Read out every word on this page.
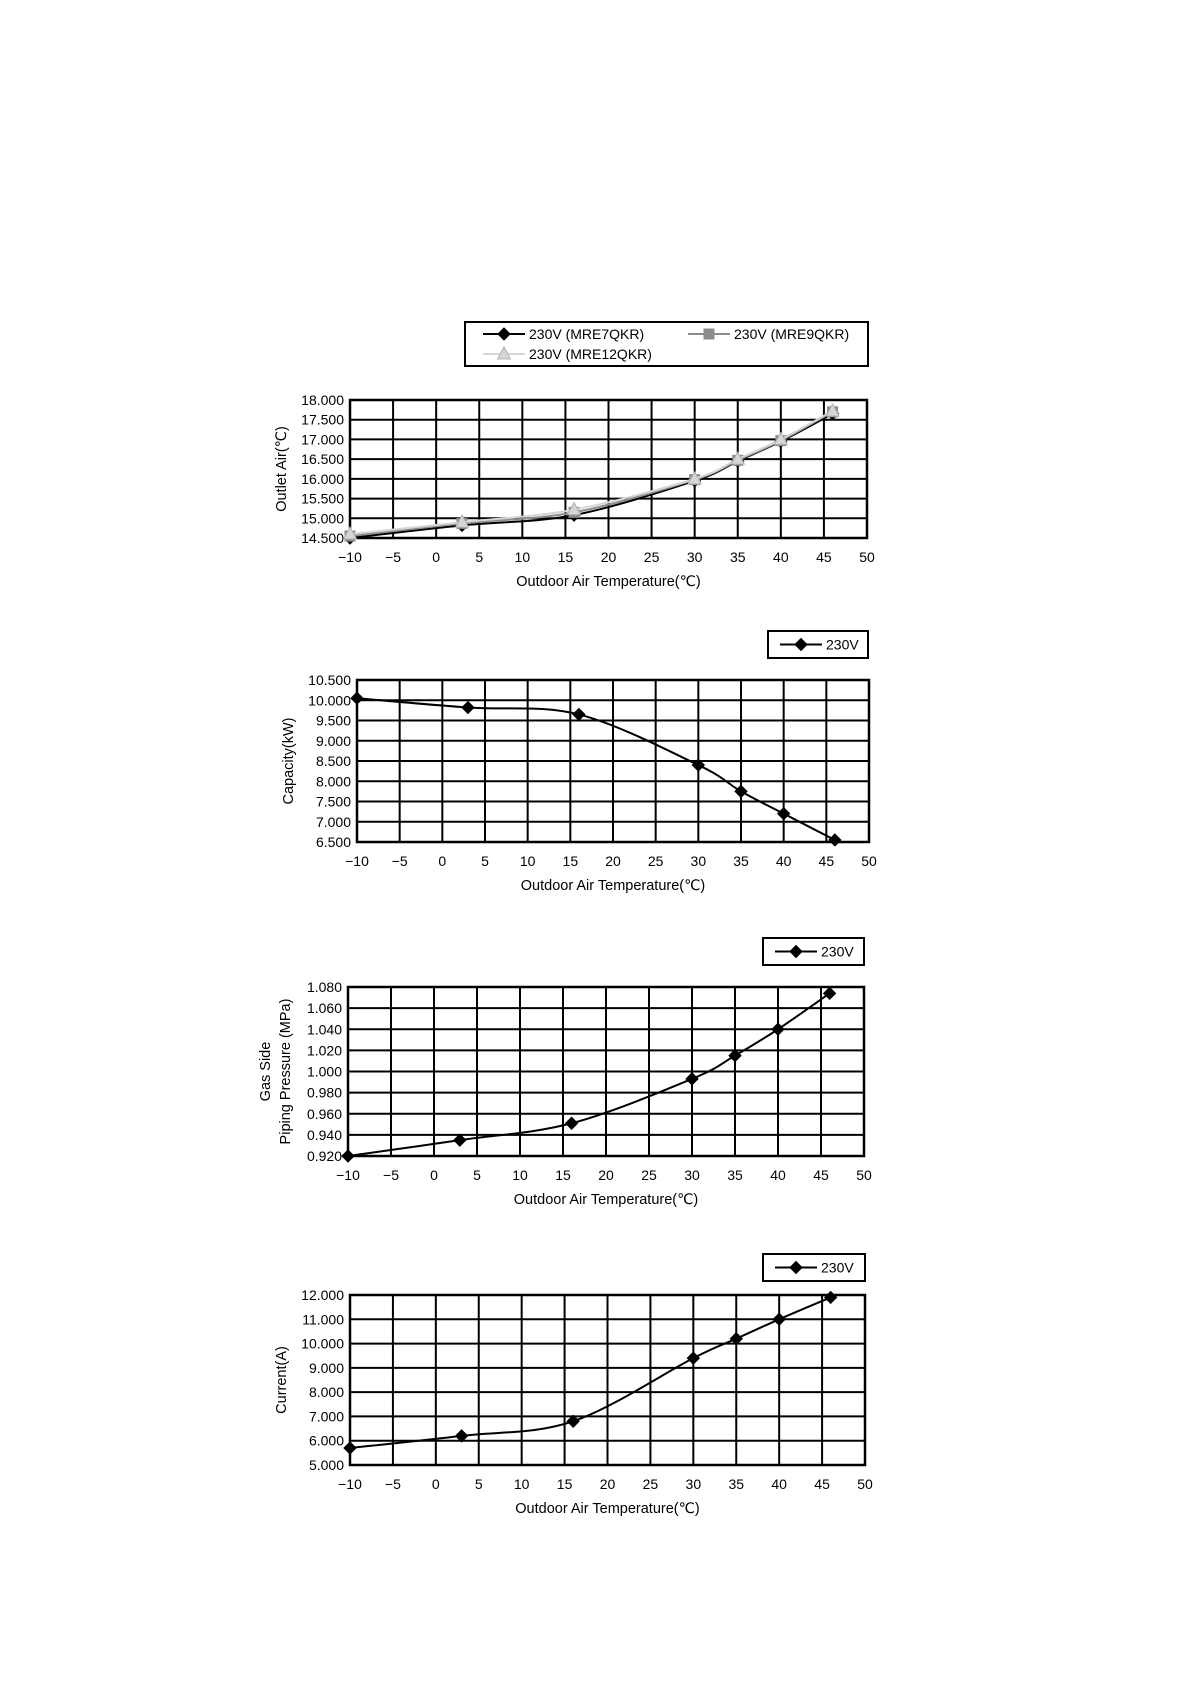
−10 −5 0	5 10 15 20 25 30 35 40 45 50
18.000
17.500
17.000
16.500
16.000
15.500
15.000
14.500
Outdoor Air Temperature(℃)
Outlet Air(℃)
230V (MRE7QKR)	230V (MRE9QKR)
230V (MRE12QKR)
−10 −5 0 5 10 15 20 25 30 35 40 45 50
10.500
10.000
9.500
9.000
8.500
8.000
7.500
7.000
6.500
Outdoor Air Temperature(℃)
Capacity(kW)
230V
−10 −5 0	5 10 15 20 25 30 35 40 45 50
1.080
1.060
1.040
1.020
1.000
0.980
0.960
0.940
0.920
Outdoor Air Temperature(℃)
Gas Side Piping Pressure (MPa)
230V
−10 −5 0	5 10 15 20 25 30 35 40 45 50
12.000
11.000
10.000
9.000
8.000
7.000
6.000
5.000
Outdoor Air Temperature(℃)
Current(A)
230V
